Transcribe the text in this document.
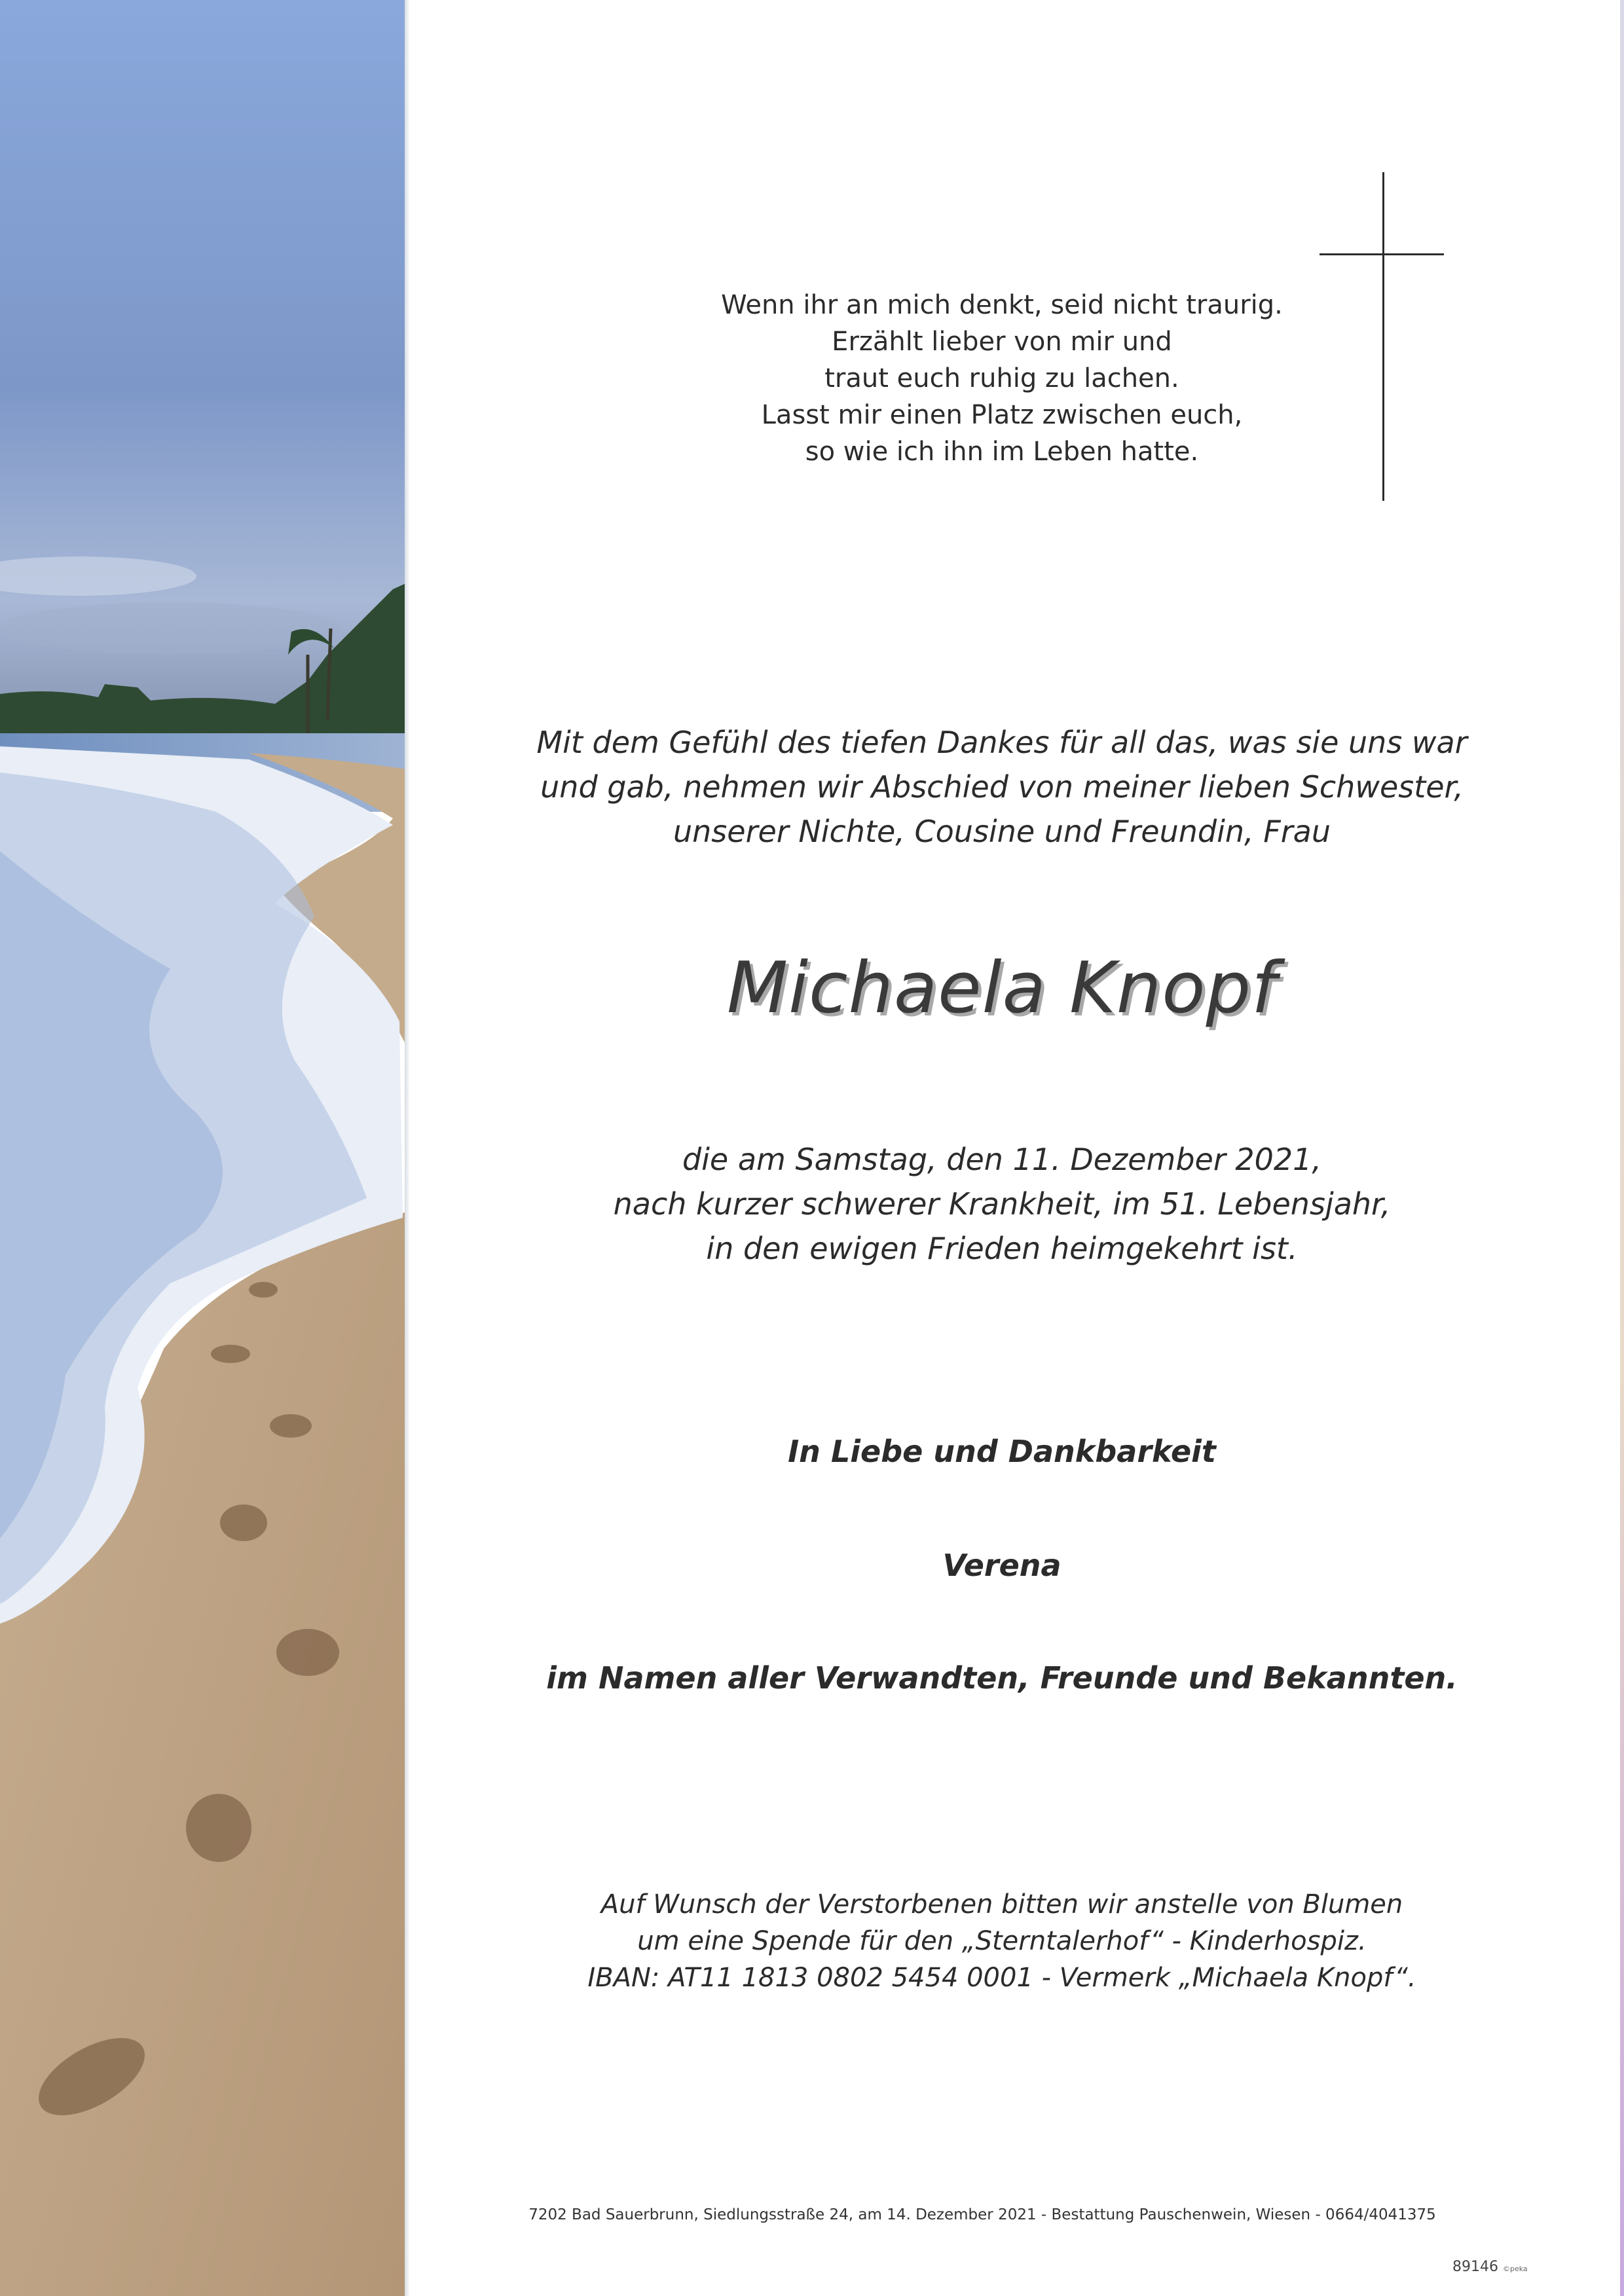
Wenn ihr an mich denkt, seid nicht traurig.
Erzählt lieber von mir und
traut euch ruhig zu lachen.
Lasst mir einen Platz zwischen euch,
so wie ich ihn im Leben hatte.
Mit dem Gefühl des tiefen Dankes für all das, was sie uns war
und gab, nehmen wir Abschied von meiner lieben Schwester,
unserer Nichte, Cousine und Freundin, Frau
Michaela Knopf
die am Samstag, den 11. Dezember 2021,
nach kurzer schwerer Krankheit, im 51. Lebensjahr,
in den ewigen Frieden heimgekehrt ist.
In Liebe und Dankbarkeit
Verena
im Namen aller Verwandten, Freunde und Bekannten.
Auf Wunsch der Verstorbenen bitten wir anstelle von Blumen
um eine Spende für den „Sterntalerhof“ - Kinderhospiz.
IBAN: AT11 1813 0802 5454 0001 - Vermerk „Michaela Knopf“.
7202 Bad Sauerbrunn, Siedlungsstraße 24, am 14. Dezember 2021 - Bestattung Pauschenwein, Wiesen - 0664/4041375
89146 ©peka
